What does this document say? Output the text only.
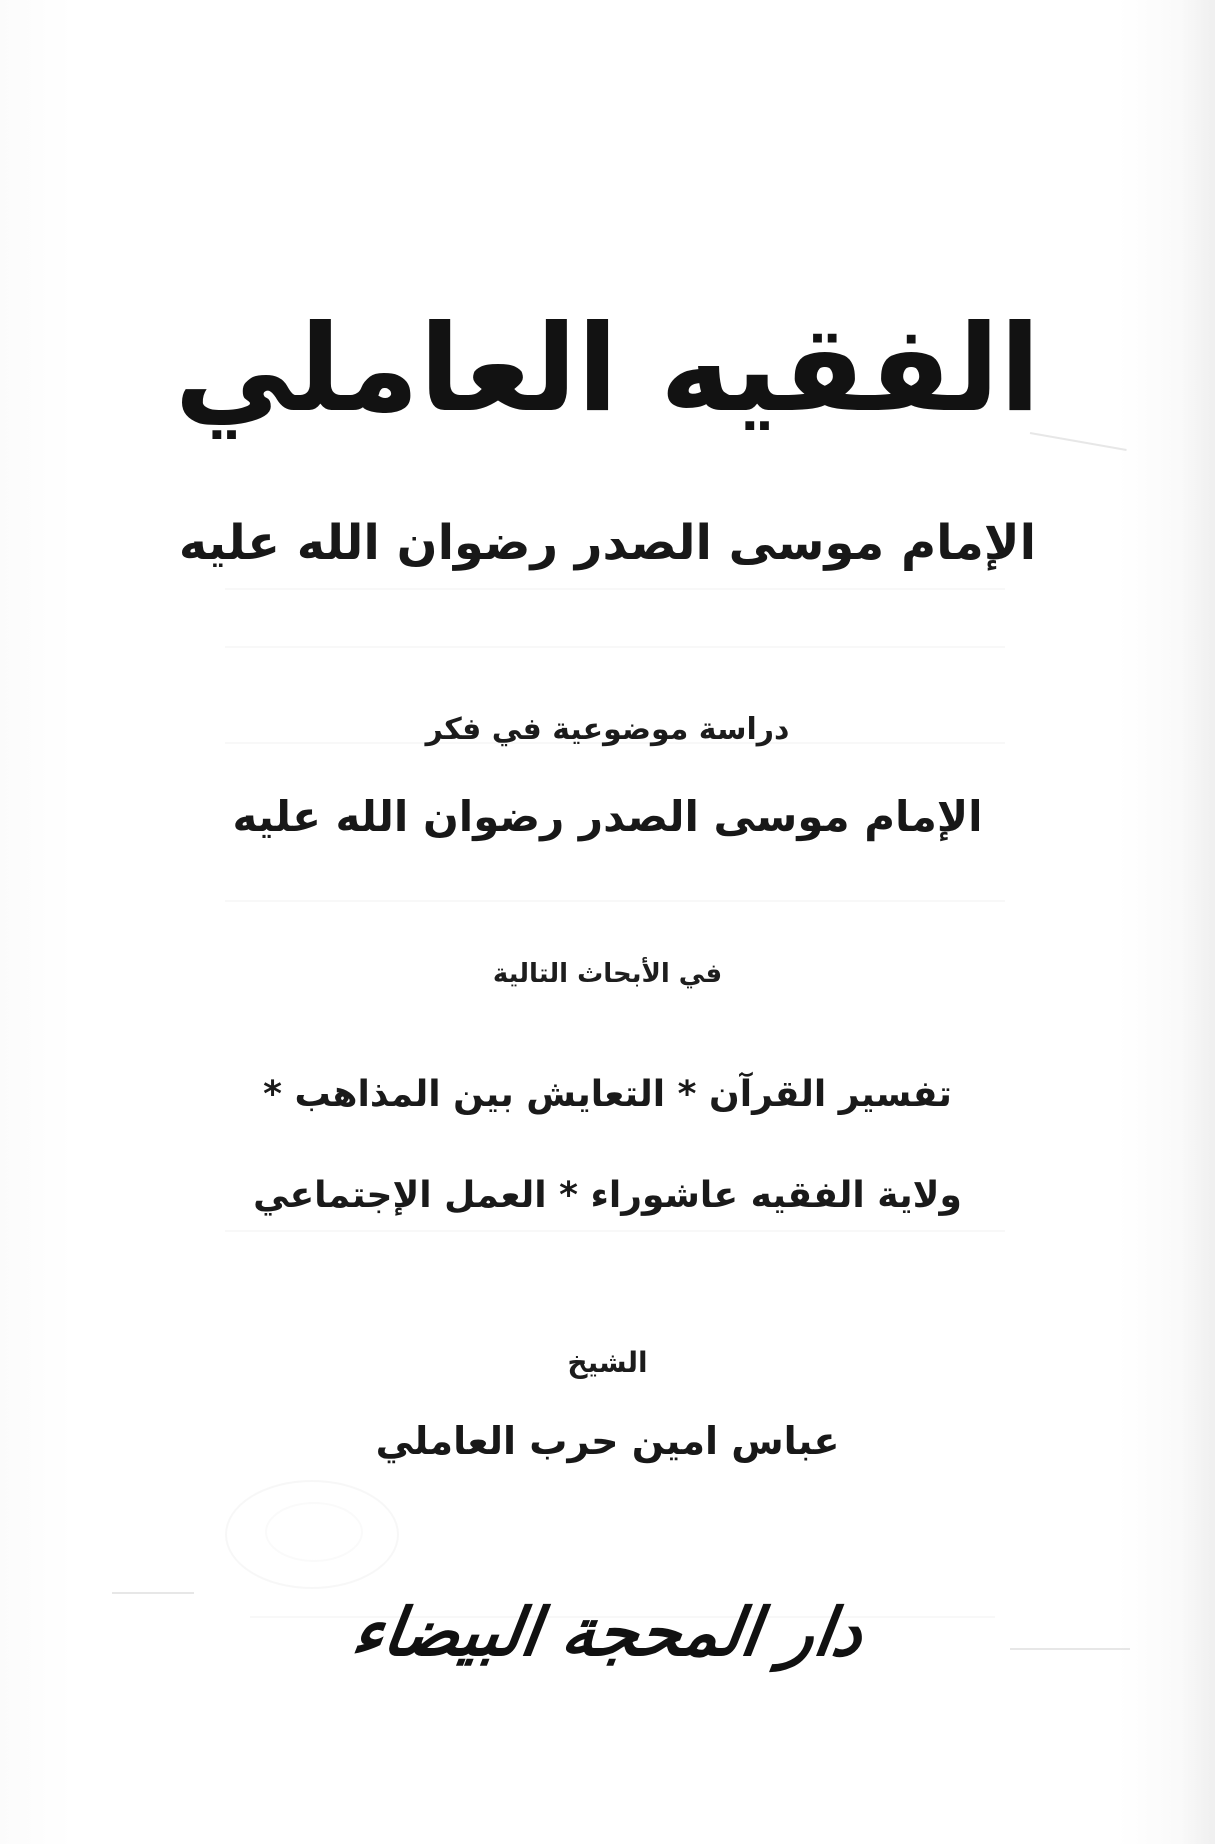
الفقيه العاملي
الإمام موسى الصدر رضوان الله عليه
دراسة موضوعية في فكر
الإمام موسى الصدر رضوان الله عليه
في الأبحاث التالية
تفسير القرآن * التعايش بين المذاهب *
ولاية الفقيه عاشوراء * العمل الإجتماعي
الشيخ
عباس امين حرب العاملي
دار المحجة البيضاء
